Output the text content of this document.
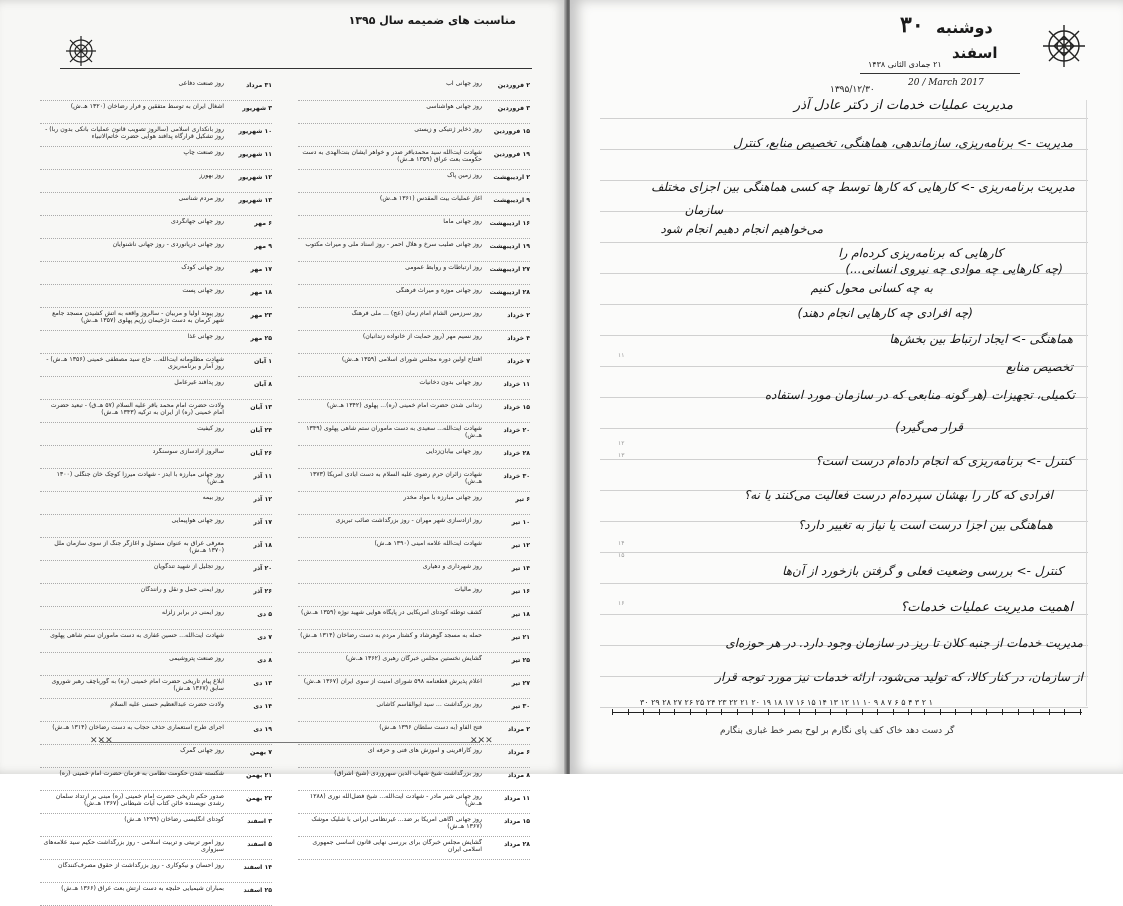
مناسبت های ضمیمه سال ۱۳۹۵
۲ فروردین
روز جهانی آب
۳ فروردین
روز جهانی هواشناسی
۱۵ فروردین
روز ذخایر ژنتیکی و زیستی
۱۹ فروردین
شهادت آیت‌الله سید محمدباقر صدر و خواهر ایشان بنت‌الهدی به دست حکومت بعث عراق (۱۳۵۹ هـ.ش)
۲ اردیبهشت
روز زمین پاک
۹ اردیبهشت
آغاز عملیات بیت المقدس (۱۳۶۱ هـ.ش)
۱۶ اردیبهشت
روز جهانی ماما
۱۹ اردیبهشت
روز جهانی صلیب سرخ و هلال احمر - روز اسناد ملی و میراث مکتوب
۲۷ اردیبهشت
روز ارتباطات و روابط عمومی
۲۸ اردیبهشت
روز جهانی موزه و میراث فرهنگی
۲ خرداد
روز سرزمین الشام امام زمان (عج) ... ملی فرهنگ
۴ خرداد
روز نسیم مهر (روز حمایت از خانواده زندانیان)
۷ خرداد
افتتاح اولین دوره مجلس شورای اسلامی (۱۳۵۹ هـ.ش)
۱۱ خرداد
روز جهانی بدون دخانیات
۱۵ خرداد
زندانی شدن حضرت امام خمینی (ره)... پهلوی (۱۳۴۲ هـ.ش)
۲۰ خرداد
شهادت آیت‌الله... سعیدی به دست مأموران ستم شاهی پهلوی (۱۳۴۹ هـ.ش)
۲۸ خرداد
روز جهانی بیابان‌زدایی
۳۰ خرداد
شهادت زائران حرم رضوی علیه السلام به دست ایادی آمریکا (۱۳۷۳ هـ.ش)
۶ تیر
روز جهانی مبارزه با مواد مخدر
۱۰ تیر
روز آزادسازی شهر مهران - روز بزرگداشت صائب تبریزی
۱۲ تیر
شهادت آیت‌الله علامه امینی (۱۳۹۰ هـ.ش)
۱۴ تیر
روز شهرداری و دهیاری
۱۶ تیر
روز مالیات
۱۸ تیر
کشف توطئه کودتای آمریکایی در پایگاه هوایی شهید نوژه (۱۳۵۹ هـ.ش)
۲۱ تیر
حمله به مسجد گوهرشاد و کشتار مردم به دست رضاخان (۱۳۱۴ هـ.ش)
۲۵ تیر
گشایش نخستین مجلس خبرگان رهبری (۱۳۶۲ هـ.ش)
۲۷ تیر
اعلام پذیرش قطعنامه ۵۹۸ شورای امنیت از سوی ایران (۱۳۶۷ هـ.ش)
۳۰ تیر
روز بزرگداشت ... سید ابوالقاسم کاشانی
۲ مرداد
فتح الفاو (به دست سلطان ۱۳۹۶ هـ.ش)
۶ مرداد
روز کارآفرینی و آموزش های فنی و حرفه ای
۸ مرداد
روز بزرگداشت شیخ شهاب الدین سهروردی (شیخ اشراق)
۱۱ مرداد
روز جهانی شیر مادر - شهادت آیت‌الله... شیخ فضل‌الله نوری (۱۲۸۸ هـ.ش)
۱۵ مرداد
روز جهانی آگاهی آمریکا بر ضد... غیرنظامی ایرانی با شلیک موشک (۱۳۶۷ هـ.ش)
۲۸ مرداد
گشایش مجلس خبرگان برای بررسی نهایی قانون اساسی جمهوری اسلامی ایران
۳۱ مرداد
روز صنعت دفاعی
۳ شهریور
اشغال ایران به توسط متفقین و فرار رضاخان (۱۳۲۰ هـ.ش)
۱۰ شهریور
روز بانکداری اسلامی (سالروز تصویب قانون عملیات بانکی بدون ربا) - روز تشکیل قرارگاه پدافند هوایی حضرت خاتم‌الانبیاء
۱۱ شهریور
روز صنعت چاپ
۱۲ شهریور
روز بهورز
۱۳ شهریور
روز مردم شناسی
۶ مهر
روز جهانی جهانگردی
۹ مهر
روز جهانی دریانوردی - روز جهانی ناشنوایان
۱۷ مهر
روز جهانی کودک
۱۸ مهر
روز جهانی پست
۲۳ مهر
روز پیوند اولیا و مربیان - سالروز واقعه به آتش کشیدن مسجد جامع شهر کرمان به دست دژخیمان رژیم پهلوی (۱۳۵۷ هـ.ش)
۲۵ مهر
روز جهانی غذا
۱ آبان
شهادت مظلومانه آیت‌الله... حاج سید مصطفی خمینی (۱۳۵۶ هـ.ش) - روز آمار و برنامه‌ریزی
۸ آبان
روز پدافند غیرعامل
۱۳ آبان
ولادت حضرت امام محمد باقر علیه السلام (۵۷ هـ.ق) - تبعید حضرت امام خمینی (ره) از ایران به ترکیه (۱۳۴۳ هـ.ش)
۲۴ آبان
روز کیفیت
۲۶ آبان
سالروز آزادسازی سوسنگرد
۱۱ آذر
روز جهانی مبارزه با ایدز - شهادت میرزا کوچک خان جنگلی (۱۳۰۰ هـ.ش)
۱۲ آذر
روز بیمه
۱۷ آذر
روز جهانی هواپیمایی
۱۸ آذر
معرفی عراق به عنوان مسئول و آغازگر جنگ از سوی سازمان ملل (۱۳۷۰ هـ.ش)
۲۰ آذر
روز تجلیل از شهید تندگویان
۲۶ آذر
روز ایمنی حمل و نقل و رانندگان
۵ دی
روز ایمنی در برابر زلزله
۷ دی
شهادت آیت‌الله... حسین غفاری به دست مأموران ستم شاهی پهلوی
۸ دی
روز صنعت پتروشیمی
۱۳ دی
ابلاغ پیام تاریخی حضرت امام خمینی (ره) به گورباچف رهبر شوروی سابق (۱۳۶۷ هـ.ش)
۱۴ دی
ولادت حضرت عبدالعظیم حسنی علیه السلام
۱۹ دی
اجرای طرح استعماری حذف حجاب به دست رضاخان (۱۳۱۴ هـ.ش)
۷ بهمن
روز جهانی گمرک
۲۱ بهمن
شکسته شدن حکومت نظامی به فرمان حضرت امام خمینی (ره)
۲۲ بهمن
صدور حکم تاریخی حضرت امام خمینی (ره) مبنی بر ارتداد سلمان رشدی نویسنده خائن کتاب آیات شیطانی (۱۳۶۷ هـ.ش)
۳ اسفند
کودتای انگلیسی رضاخان (۱۲۹۹ هـ.ش)
۵ اسفند
روز امور تربیتی و تربیت اسلامی - روز بزرگداشت حکیم سید علامه‌های سبزواری
۱۴ اسفند
روز احسان و نیکوکاری - روز بزرگداشت از حقوق مصرف‌کنندگان
۲۵ اسفند
بمباران شیمیایی حلبچه به دست ارتش بعث عراق (۱۳۶۶ هـ.ش)
✕✕✕	✕✕✕
۳۰ دوشنبه
اسفند
۲۱ جمادی الثانی ۱۴۳۸
20 / March 2017
۱۳۹۵/۱۲/۳۰
مدیریت عملیات خدمات از دکتر عادل آذر
مدیریت -> برنامه‌ریزی، سازماندهی، هماهنگی، تخصیص منابع، کنترل
مدیریت برنامه‌ریزی -> کارهایی که کارها توسط چه کسی هماهنگی بین اجزای مختلف
سازمان
می‌خواهیم انجام دهیم انجام شود
کارهایی که برنامه‌ریزی کرده‌ام را
(چه کارهایی چه موادی چه نیروی انسانی...)
به چه کسانی محول کنیم
(چه افرادی چه کارهایی انجام دهند)
هماهنگی -> ایجاد ارتباط بین بخش‌ها
تخصیص منابع
تکمیلی، تجهیزات (هر گونه منابعی که در سازمان مورد استفاده
قرار می‌گیرد)
کنترل -> برنامه‌ریزی که انجام داده‌ام درست است؟
افرادی که کار را بهشان سپرده‌ام درست فعالیت می‌کنند یا نه؟
هماهنگی بین اجزا درست است یا نیاز به تغییر دارد؟
کنترل -> بررسی وضعیت فعلی و گرفتن بازخورد از آن‌ها
اهمیت مدیریت عملیات خدمات؟
مدیریت خدمات از جنبه کلان تا ریز در سازمان وجود دارد. در هر حوزه‌ای
از سازمان، در کنار کالا، که تولید می‌شود، ارائه خدمات نیز مورد توجه قرار
۱۱
۱۲
۱۳
۱۴
۱۵
۱۶
۳۰ ۲۹ ۲۸ ۲۷ ۲۶ ۲۵ ۲۴ ۲۳ ۲۲ ۲۱ ۲۰ ۱۹ ۱۸ ۱۷ ۱۶ ۱۵ ۱۴ ۱۳ ۱۲ ۱۱ ۱۰ ۹ ۸ ۷ ۶ ۵ ۴ ۳ ۲ ۱
گر دست دهد خاک کف پای نگارم بر لوح بصر خط غباری بنگارم
